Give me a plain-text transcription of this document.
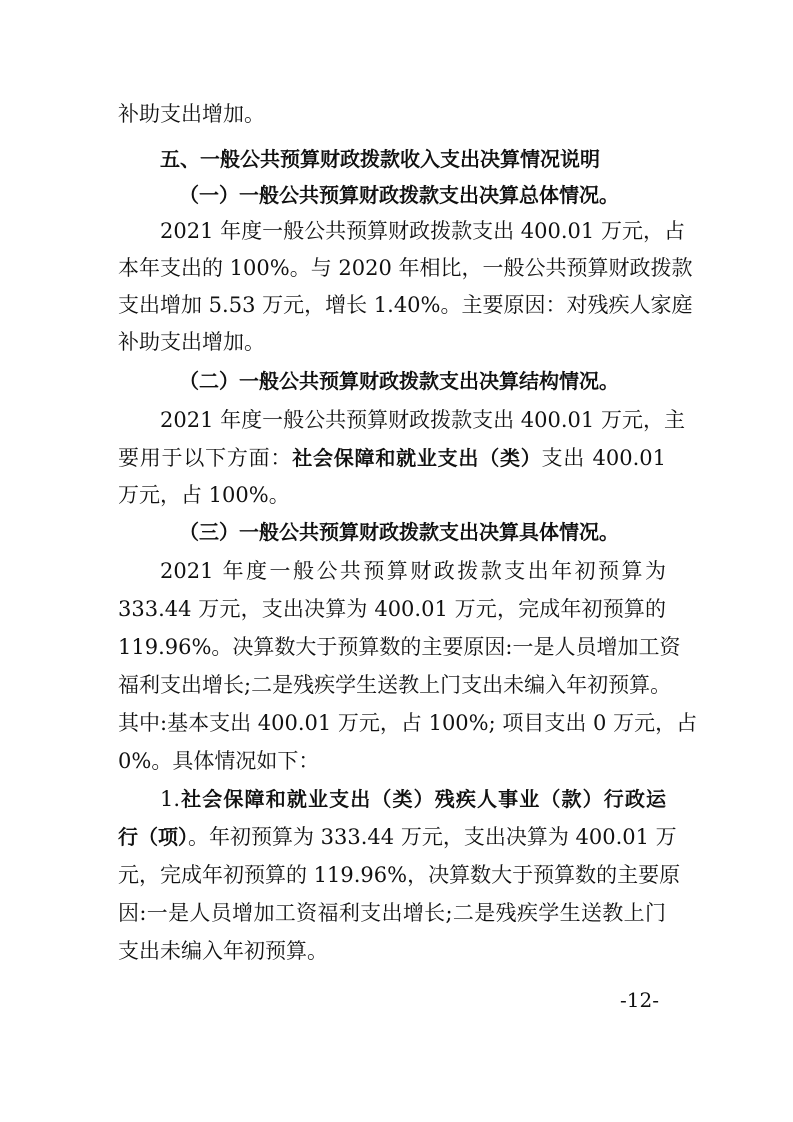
补助支出增加。
五、一般公共预算财政拨款收入支出决算情况说明
（一）一般公共预算财政拨款支出决算总体情况。
2021 年度一般公共预算财政拨款支出 400.01 万元，占
本年支出的 100%。与 2020 年相比，一般公共预算财政拨款
支出增加 5.53 万元，增长 1.40%。主要原因：对残疾人家庭
补助支出增加。
（二）一般公共预算财政拨款支出决算结构情况。
2021 年度一般公共预算财政拨款支出 400.01 万元，主
要用于以下方面：社会保障和就业支出（类）支出 400.01
万元，占 100%。
（三）一般公共预算财政拨款支出决算具体情况。
2021 年度一般公共预算财政拨款支出年初预算为
333.44 万元，支出决算为 400.01 万元，完成年初预算的
119.96%。决算数大于预算数的主要原因:一是人员增加工资
福利支出增长;二是残疾学生送教上门支出未编入年初预算。
其中:基本支出 400.01 万元，占 100%; 项目支出 0 万元，占
0%。具体情况如下：
1.社会保障和就业支出（类）残疾人事业（款）行政运
行（项）。年初预算为 333.44 万元，支出决算为 400.01 万
元，完成年初预算的 119.96%，决算数大于预算数的主要原
因:一是人员增加工资福利支出增长;二是残疾学生送教上门
支出未编入年初预算。
-12-
